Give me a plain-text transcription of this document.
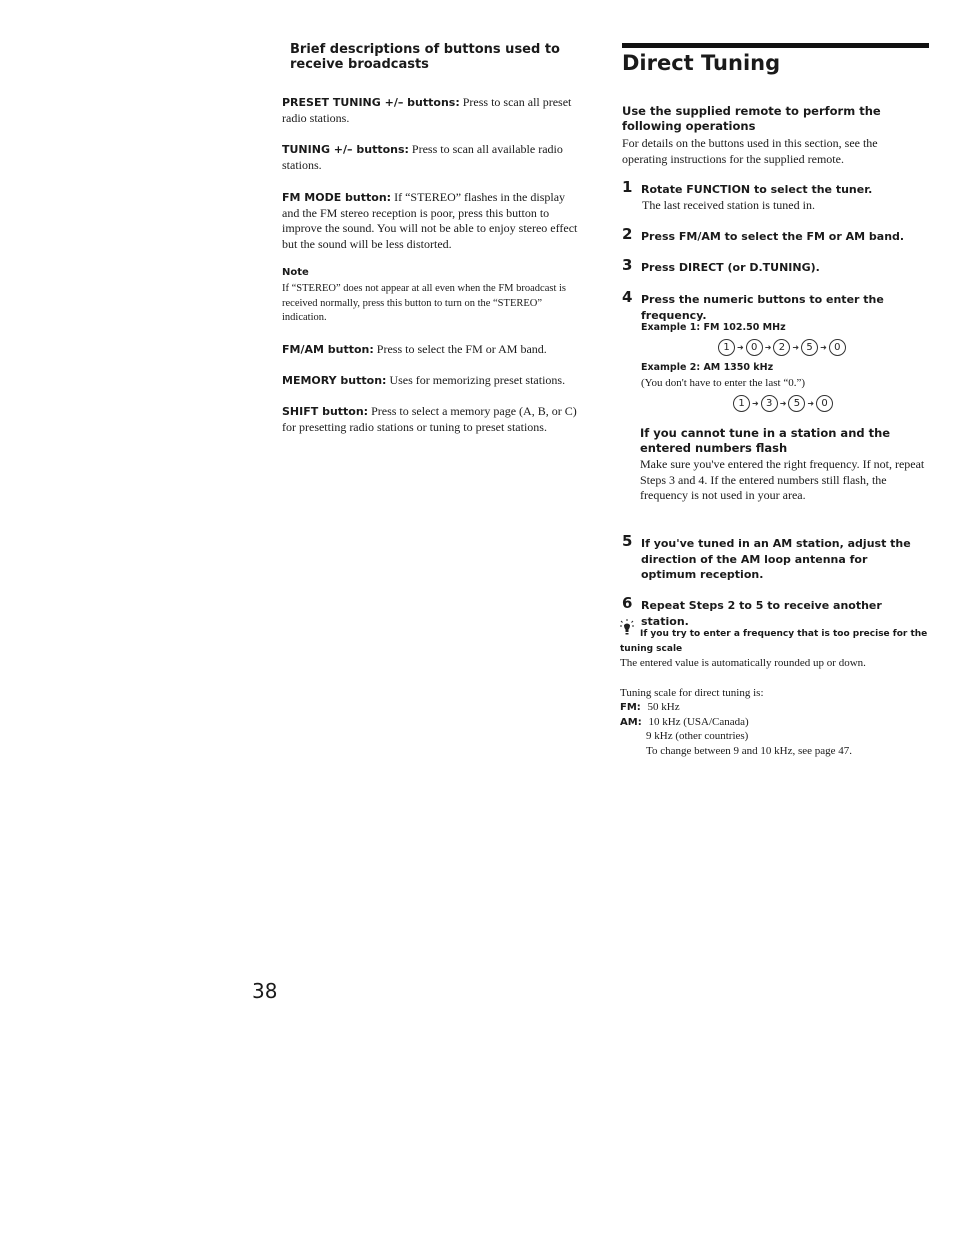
Brief descriptions of buttons used to receive broadcasts
PRESET TUNING +/– buttons: Press to scan all preset radio stations.
TUNING +/– buttons: Press to scan all available radio stations.
FM MODE button: If “STEREO” flashes in the display and the FM stereo reception is poor, press this button to improve the sound. You will not be able to enjoy stereo effect but the sound will be less distorted.
Note
If “STEREO” does not appear at all even when the FM broadcast is received normally, press this button to turn on the “STEREO” indication.
FM/AM button: Press to select the FM or AM band.
MEMORY button: Uses for memorizing preset stations.
SHIFT button: Press to select a memory page (A, B, or C) for presetting radio stations or tuning to preset stations.
Direct Tuning
Use the supplied remote to perform the following operations
For details on the buttons used in this section, see the operating instructions for the supplied remote.
1 Rotate FUNCTION to select the tuner.
The last received station is tuned in.
2 Press FM/AM to select the FM or AM band.
3 Press DIRECT (or D.TUNING).
4 Press the numeric buttons to enter the frequency.
Example 1: FM 102.50 MHz
1 ➜ 0 ➜ 2 ➜ 5 ➜ 0
Example 2: AM 1350 kHz
(You don't have to enter the last “0.”)
1 ➜ 3 ➜ 5 ➜ 0
If you cannot tune in a station and the entered numbers flash
Make sure you've entered the right frequency. If not, repeat Steps 3 and 4. If the entered numbers still flash, the frequency is not used in your area.
5 If you've tuned in an AM station, adjust the direction of the AM loop antenna for optimum reception.
6 Repeat Steps 2 to 5 to receive another station.
If you try to enter a frequency that is too precise for the tuning scale
The entered value is automatically rounded up or down.
Tuning scale for direct tuning is:
FM: 50 kHz
AM: 10 kHz (USA/Canada)
9 kHz (other countries)
To change between 9 and 10 kHz, see page 47.
38
